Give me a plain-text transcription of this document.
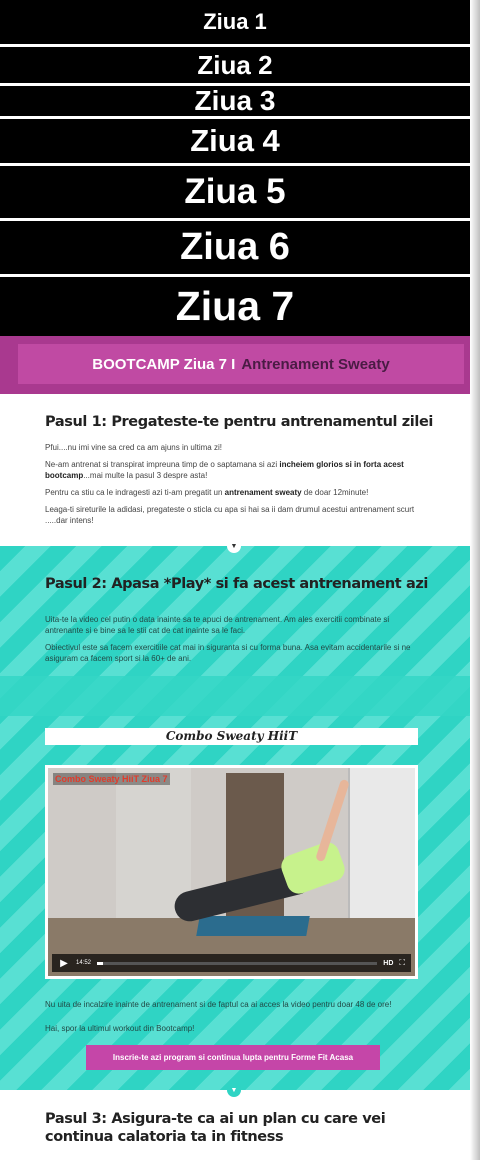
Ziua 1
Ziua 2
Ziua 3
Ziua 4
Ziua 5
Ziua 6
Ziua 7
BOOTCAMP Ziua 7 I Antrenament Sweaty
Pasul 1: Pregateste-te pentru antrenamentul zilei

Pfui....nu imi vine sa cred ca am ajuns in ultima zi!

Ne-am antrenat si transpirat impreuna timp de o saptamana si azi incheiem glorios si in forta acest bootcamp...mai multe la pasul 3 despre asta!

Pentru ca stiu ca le indragesti azi ti-am pregatit un antrenament sweaty de doar 12minute!

Leaga-ti sireturile la adidasi, pregateste o sticla cu apa si hai sa ii dam drumul acestui antrenament scurt .....dar intens!

▼
Pasul 2: Apasa *Play* si fa acest antrenament azi

Uita-te la video cel putin o data inainte sa te apuci de antrenament. Am ales exercitii combinate si antrenante si e bine sa le stii cat de cat inainte sa le faci.

Obiectivul este sa facem exercitiile cat mai in siguranta si cu forma buna. Asa evitam accidentarile si ne asiguram ca facem sport si la 60+ de ani.

Combo Sweaty HiiT
Combo Sweaty HiiT Ziua 7
▶	14:52	HD ⛶

Nu uita de incalzire inainte de antrenament si de faptul ca ai acces la video pentru doar 48 de ore!

Hai, spor la ultimul workout din Bootcamp!

Inscrie-te azi program si continua lupta pentru Forme Fit Acasa
Pasul 3: Asigura-te ca ai un plan cu care vei continua calatoria ta in fitness
▼
